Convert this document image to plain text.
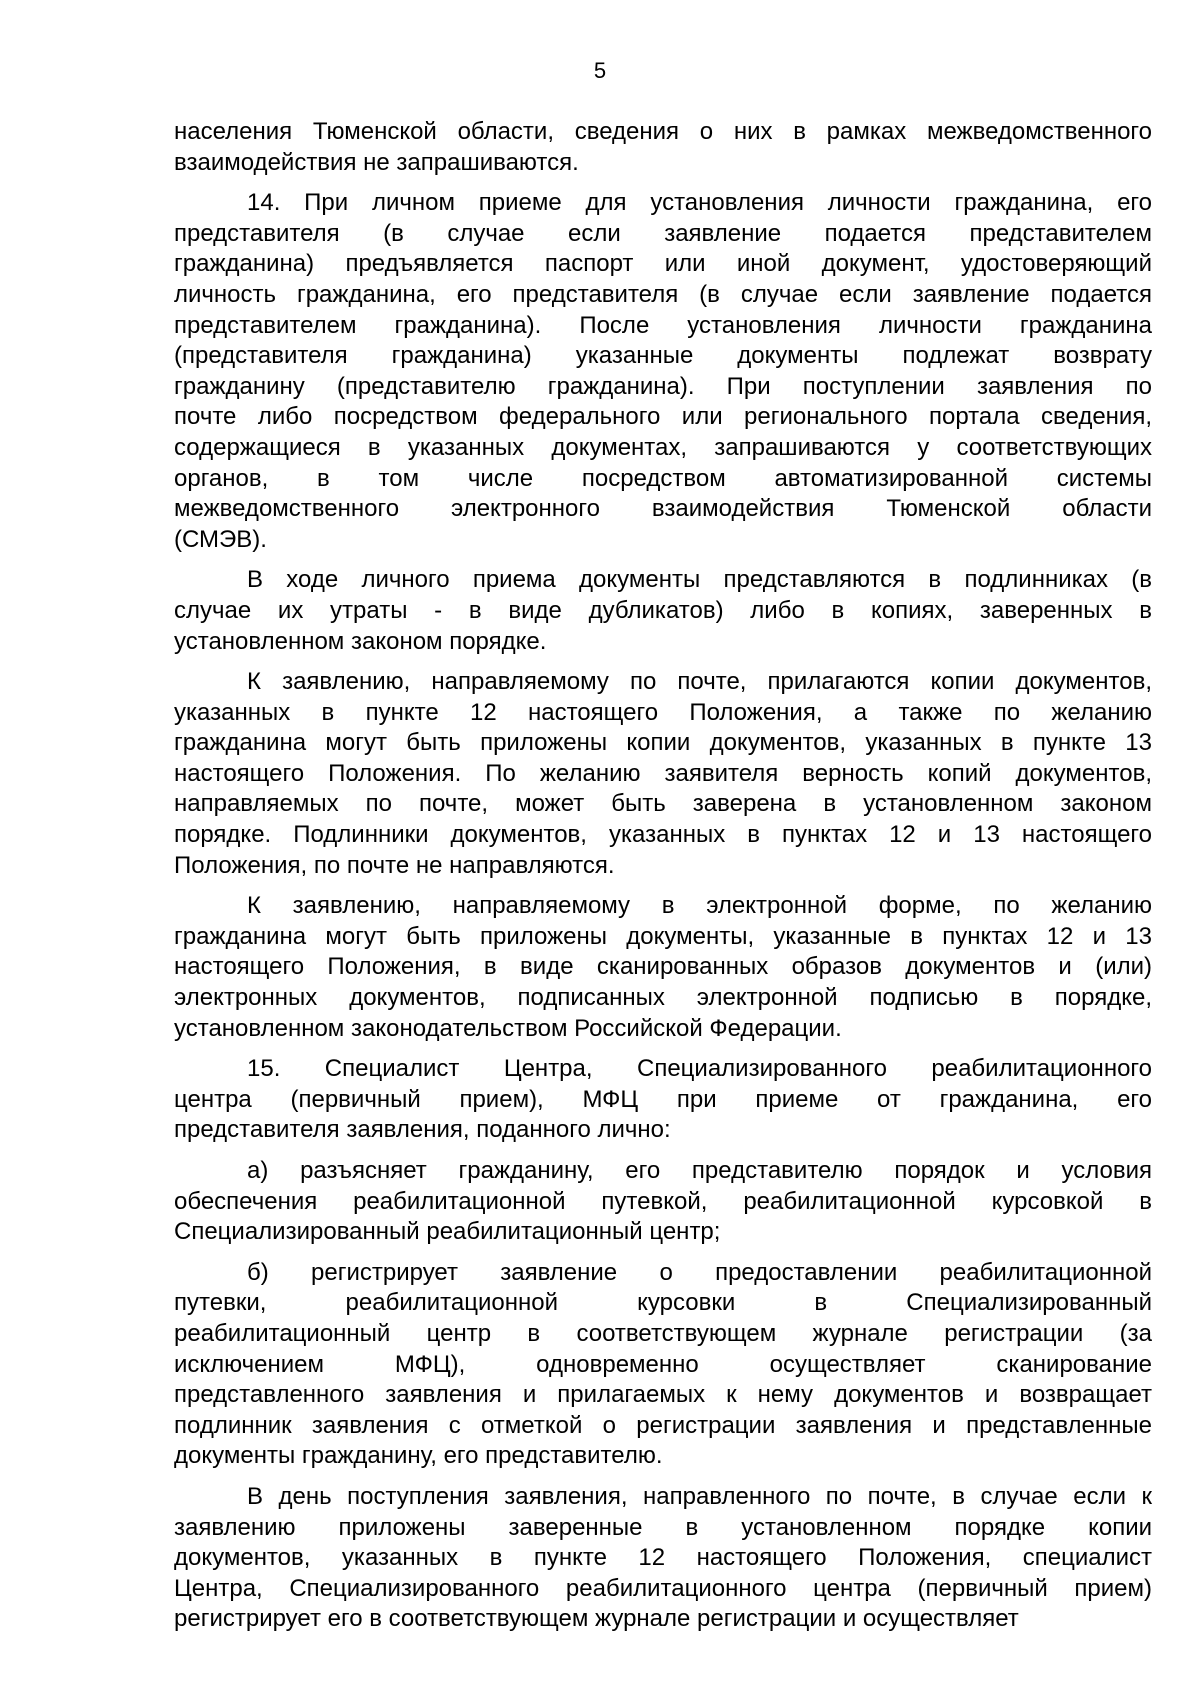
5
населения Тюменской области, сведения о них в рамках межведомственного
взаимодействия не запрашиваются.
14. При личном приеме для установления личности гражданина, его
представителя (в случае если заявление подается представителем
гражданина) предъявляется паспорт или иной документ, удостоверяющий
личность гражданина, его представителя (в случае если заявление подается
представителем гражданина). После установления личности гражданина
(представителя гражданина) указанные документы подлежат возврату
гражданину (представителю гражданина). При поступлении заявления по
почте либо посредством федерального или регионального портала сведения,
содержащиеся в указанных документах, запрашиваются у соответствующих
органов, в том числе посредством автоматизированной системы
межведомственного электронного взаимодействия Тюменской области
(СМЭВ).
В ходе личного приема документы представляются в подлинниках (в
случае их утраты - в виде дубликатов) либо в копиях, заверенных в
установленном законом порядке.
К заявлению, направляемому по почте, прилагаются копии документов,
указанных в пункте 12 настоящего Положения, а также по желанию
гражданина могут быть приложены копии документов, указанных в пункте 13
настоящего Положения. По желанию заявителя верность копий документов,
направляемых по почте, может быть заверена в установленном законом
порядке. Подлинники документов, указанных в пунктах 12 и 13 настоящего
Положения, по почте не направляются.
К заявлению, направляемому в электронной форме, по желанию
гражданина могут быть приложены документы, указанные в пунктах 12 и 13
настоящего Положения, в виде сканированных образов документов и (или)
электронных документов, подписанных электронной подписью в порядке,
установленном законодательством Российской Федерации.
15. Специалист Центра, Специализированного реабилитационного
центра (первичный прием), МФЦ при приеме от гражданина, его
представителя заявления, поданного лично:
а) разъясняет гражданину, его представителю порядок и условия
обеспечения реабилитационной путевкой, реабилитационной курсовкой в
Специализированный реабилитационный центр;
б) регистрирует заявление о предоставлении реабилитационной
путевки, реабилитационной курсовки в Специализированный
реабилитационный центр в соответствующем журнале регистрации (за
исключением МФЦ), одновременно осуществляет сканирование
представленного заявления и прилагаемых к нему документов и возвращает
подлинник заявления с отметкой о регистрации заявления и представленные
документы гражданину, его представителю.
В день поступления заявления, направленного по почте, в случае если к
заявлению приложены заверенные в установленном порядке копии
документов, указанных в пункте 12 настоящего Положения, специалист
Центра, Специализированного реабилитационного центра (первичный прием)
регистрирует его в соответствующем журнале регистрации и осуществляет
